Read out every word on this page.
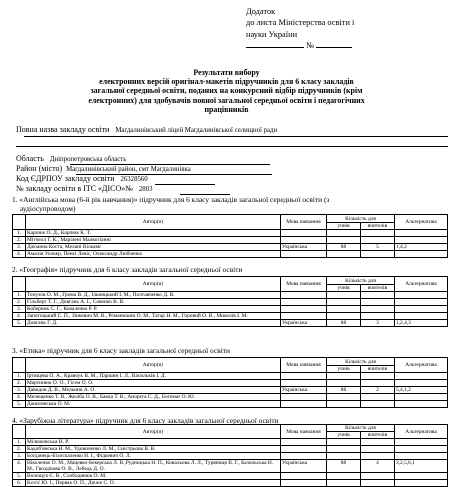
Додаток
до листа Міністерства освіти і
науки України
№
Результати вибору
електронних версій оригінал-макетів підручників для 6 класу закладів
загальної середньої освіти, поданих на конкурсний відбір підручників (крім
електронних) для здобувачів повної загальної середньої освіти і педагогічних
працівників
Повна назва закладу освіти Магдалинівський ліцей Магдалинівської селищної ради
Область Дніпропетровська область
Район (місто) Магдалинівський район, смт Магдалинівка
Код ЄДРПОУ закладу освіти 26328560
№ закладу освіти в ІТС «ДІСО»№ 2803
1. «Англійська мова (6-й рік навчання)» підручник для 6 класу закладів загальної середньої освіти (з
аудіосупроводом)
	Автор(и)	Мова навчання	Кількість для		Альтернатива
			учнів	вчителів	
1.	Карпюк О. Д., Карпюк К. Т.				
2.	Мітчелл Г. К., Марілені Малкогіанні				
3.	Джоанна Коста, Мелані Вільямс	Українська	88	5	1,4,2
4.	Амалія Уолкер, Пенєі Левіс, Олександр Любченко				
2. «Географія» підручник для 6 класу закладів загальної середньої освіти
	Автор(и)	Мова навчання	Кількість для		Альтернатива
			учнів	вчителів	
1.	Топузов О. М., Грома В. Д., Ільницький І. М., Полтавченко Д. В.				
2.	Гільберг Т. Г., Довгань А. І., Совенко В. В.				
3.	Коберник С. Г., Коваленко Р. Р.				
4.	Запотоцький С. П., Зінкевич М. В., Романишин О. М., Татар Н. М., Горовий О. В., Миколів І. М.				
5.	Довгань Г. Д.	Українська	88	3	1,2,4,3
3. «Етика» підручник для 6 класу закладів загальної середньої освіти
	Автор(и)	Мова навчання	Кількість для		Альтернатива
			учнів	вчителів	
1.	Іртищева О. А., Кравчук В. М., Паршин І. Л., Васильків І. Д.				
2.	Мартинюк О. О., Гісем О. О.				
3.	Давидов Д. В., Мельник А. О.	Українська	88	2	5,4,1,2
4.	Мелещенко Т. В., Желіба О. В., Бакка Т. В., Анорєга С. Д., Богомаз О. Ю.				
5.	Данилевська О. М.				
4. «Зарубіжна література» підручник для 6 класу закладів загальної середньої освіти
	Автор(и)	Мова навчання	Кількість для		Альтернатива
			учнів	вчителів	
1.	Мілюковська Н. Р.				
2.	Кадоб'янська Н. М., Удовиченко Л. М., Сністрьова В. В.				
3.	Богданець-Білоскаленко Н. І., Фідкевич О. Л.				
4.	Ніколенко О. М., Мацевко-Бекерська Л. В.,Рудницька Н. П., Ковальова Л. Л., Туряниця В. Г., Базильська Н. М., Гвоздікова О. В., Лебедь Д. О.	Українська	88	4	3,2,5,6,1
5.	Волощук Є. В., Слободянюк О. М.				
6.	Ković Ю. І., Первак О. П., Дячок С. О.				
